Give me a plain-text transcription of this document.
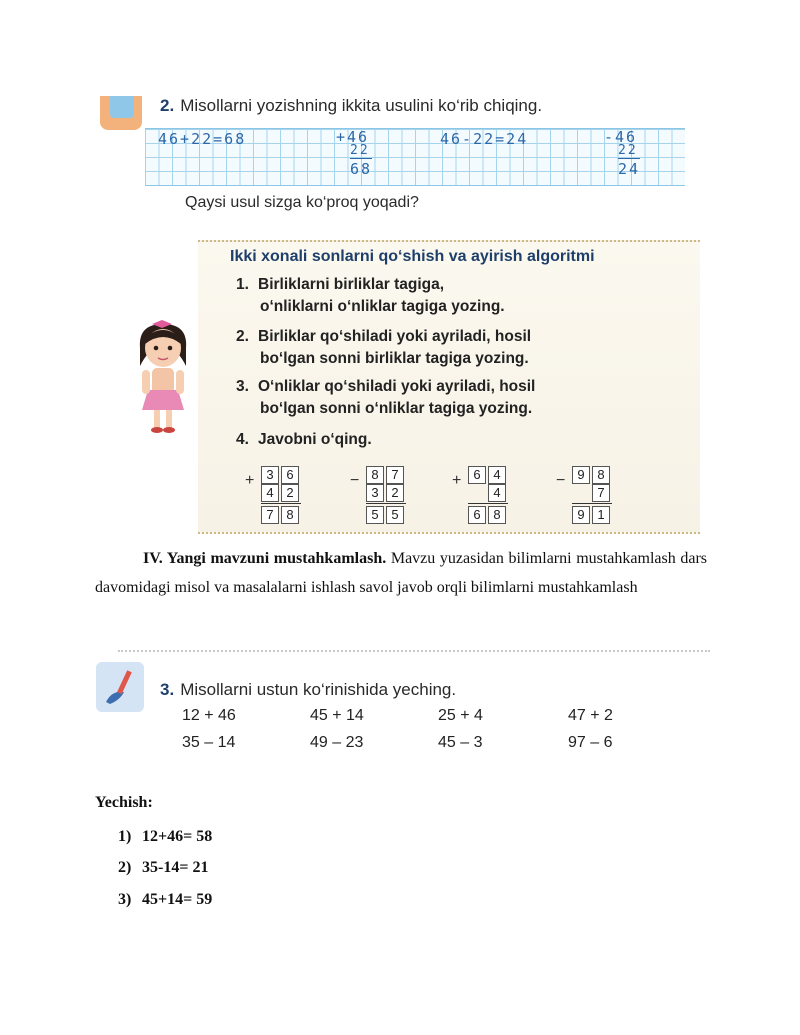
2. Misollarni yozishning ikkita usulini ko‘rib chiqing.
46+22=68	+46
22
68
46-22=24	-46
22
24
Qaysi usul sizga ko‘proq yoqadi?
Ikki xonali sonlarni qo‘shish va ayirish algoritmi
1. Birliklarni birliklar tagiga,
o‘nliklarni o‘nliklar tagiga yozing.
2. Birliklar qo‘shiladi yoki ayriladi, hosil
bo‘lgan sonni birliklar tagiga yozing.
3. O‘nliklar qo‘shiladi yoki ayriladi, hosil
bo‘lgan sonni o‘nliklar tagiga yozing.
4. Javobni o‘qing.
+ 3 6
4 2
7 8
− 8 7
3 2
5 5
+ 6 4
4
6 8
− 9 8
7
9 1
IV. Yangi mavzuni mustahkamlash. Mavzu yuzasidan bilimlarni mustahkamlash dars davomidagi misol va masalalarni ishlash savol javob orqli bilimlarni mustahkamlash
3. Misollarni ustun ko‘rinishida yeching.
12 + 46	45 + 14	25 + 4	47 + 2
35 – 14	49 – 23	45 – 3	97 – 6
Yechish:
1) 12+46= 58
2) 35-14= 21
3) 45+14= 59
